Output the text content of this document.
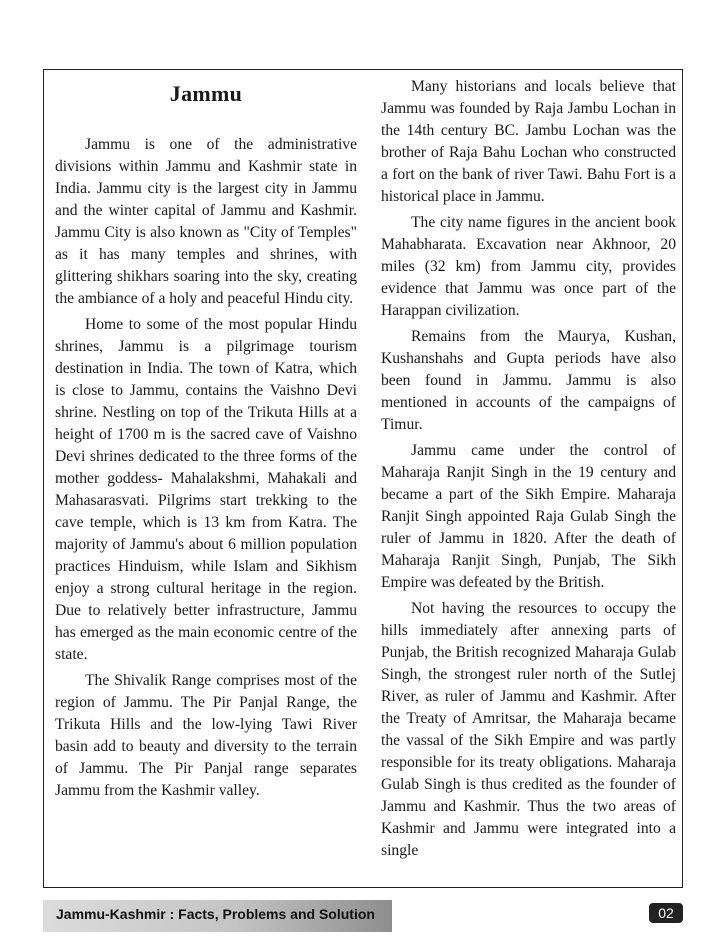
Jammu

Jammu is one of the administrative divisions within Jammu and Kashmir state in India. Jammu city is the largest city in Jammu and the winter capital of Jammu and Kashmir. Jammu City is also known as "City of Temples" as it has many temples and shrines, with glittering shikhars soaring into the sky, creating the ambiance of a holy and peaceful Hindu city.

Home to some of the most popular Hindu shrines, Jammu is a pilgrimage tourism destination in India. The town of Katra, which is close to Jammu, contains the Vaishno Devi shrine. Nestling on top of the Trikuta Hills at a height of 1700 m is the sacred cave of Vaishno Devi shrines dedicated to the three forms of the mother goddess- Mahalakshmi, Mahakali and Mahasarasvati. Pilgrims start trekking to the cave temple, which is 13 km from Katra. The majority of Jammu's about 6 million population practices Hinduism, while Islam and Sikhism enjoy a strong cultural heritage in the region. Due to relatively better infrastructure, Jammu has emerged as the main economic centre of the state.

The Shivalik Range comprises most of the region of Jammu. The Pir Panjal Range, the Trikuta Hills and the low-lying Tawi River basin add to beauty and diversity to the terrain of Jammu. The Pir Panjal range separates Jammu from the Kashmir valley.

Many historians and locals believe that Jammu was founded by Raja Jambu Lochan in the 14th century BC. Jambu Lochan was the brother of Raja Bahu Lochan who constructed a fort on the bank of river Tawi. Bahu Fort is a historical place in Jammu.

The city name figures in the ancient book Mahabharata. Excavation near Akhnoor, 20 miles (32 km) from Jammu city, provides evidence that Jammu was once part of the Harappan civilization.

Remains from the Maurya, Kushan, Kushanshahs and Gupta periods have also been found in Jammu. Jammu is also mentioned in accounts of the campaigns of Timur.

Jammu came under the control of Maharaja Ranjit Singh in the 19 century and became a part of the Sikh Empire. Maharaja Ranjit Singh appointed Raja Gulab Singh the ruler of Jammu in 1820. After the death of Maharaja Ranjit Singh, Punjab, The Sikh Empire was defeated by the British.

Not having the resources to occupy the hills immediately after annexing parts of Punjab, the British recognized Maharaja Gulab Singh, the strongest ruler north of the Sutlej River, as ruler of Jammu and Kashmir. After the Treaty of Amritsar, the Maharaja became the vassal of the Sikh Empire and was partly responsible for its treaty obligations. Maharaja Gulab Singh is thus credited as the founder of Jammu and Kashmir. Thus the two areas of Kashmir and Jammu were integrated into a single

Jammu-Kashmir : Facts, Problems and Solution	02
